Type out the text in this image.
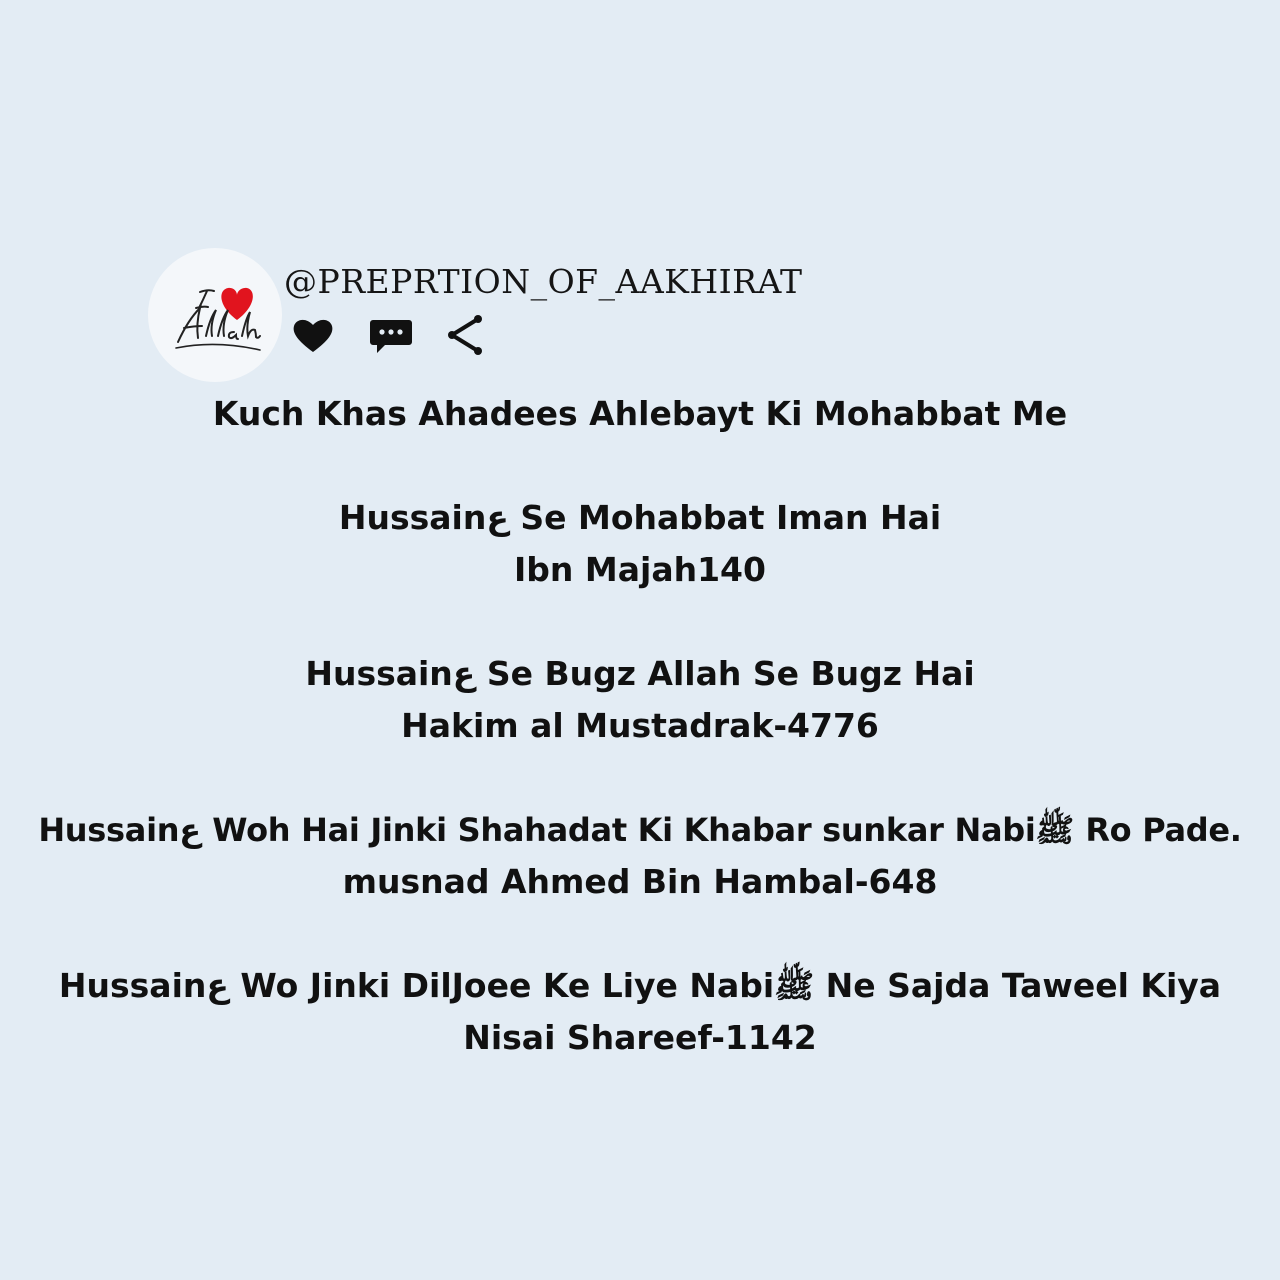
@PREPRTION_OF_AAKHIRAT
Kuch Khas Ahadees Ahlebayt Ki Mohabbat Me
Hussainع Se Mohabbat Iman Hai
Ibn Majah140
Hussainع Se Bugz Allah Se Bugz Hai
Hakim al Mustadrak-4776
Hussainع Woh Hai Jinki Shahadat Ki Khabar sunkar Nabiﷺ Ro Pade.
musnad Ahmed Bin Hambal-648
Hussainع Wo Jinki DilJoee Ke Liye Nabiﷺ Ne Sajda Taweel Kiya
Nisai Shareef-1142
